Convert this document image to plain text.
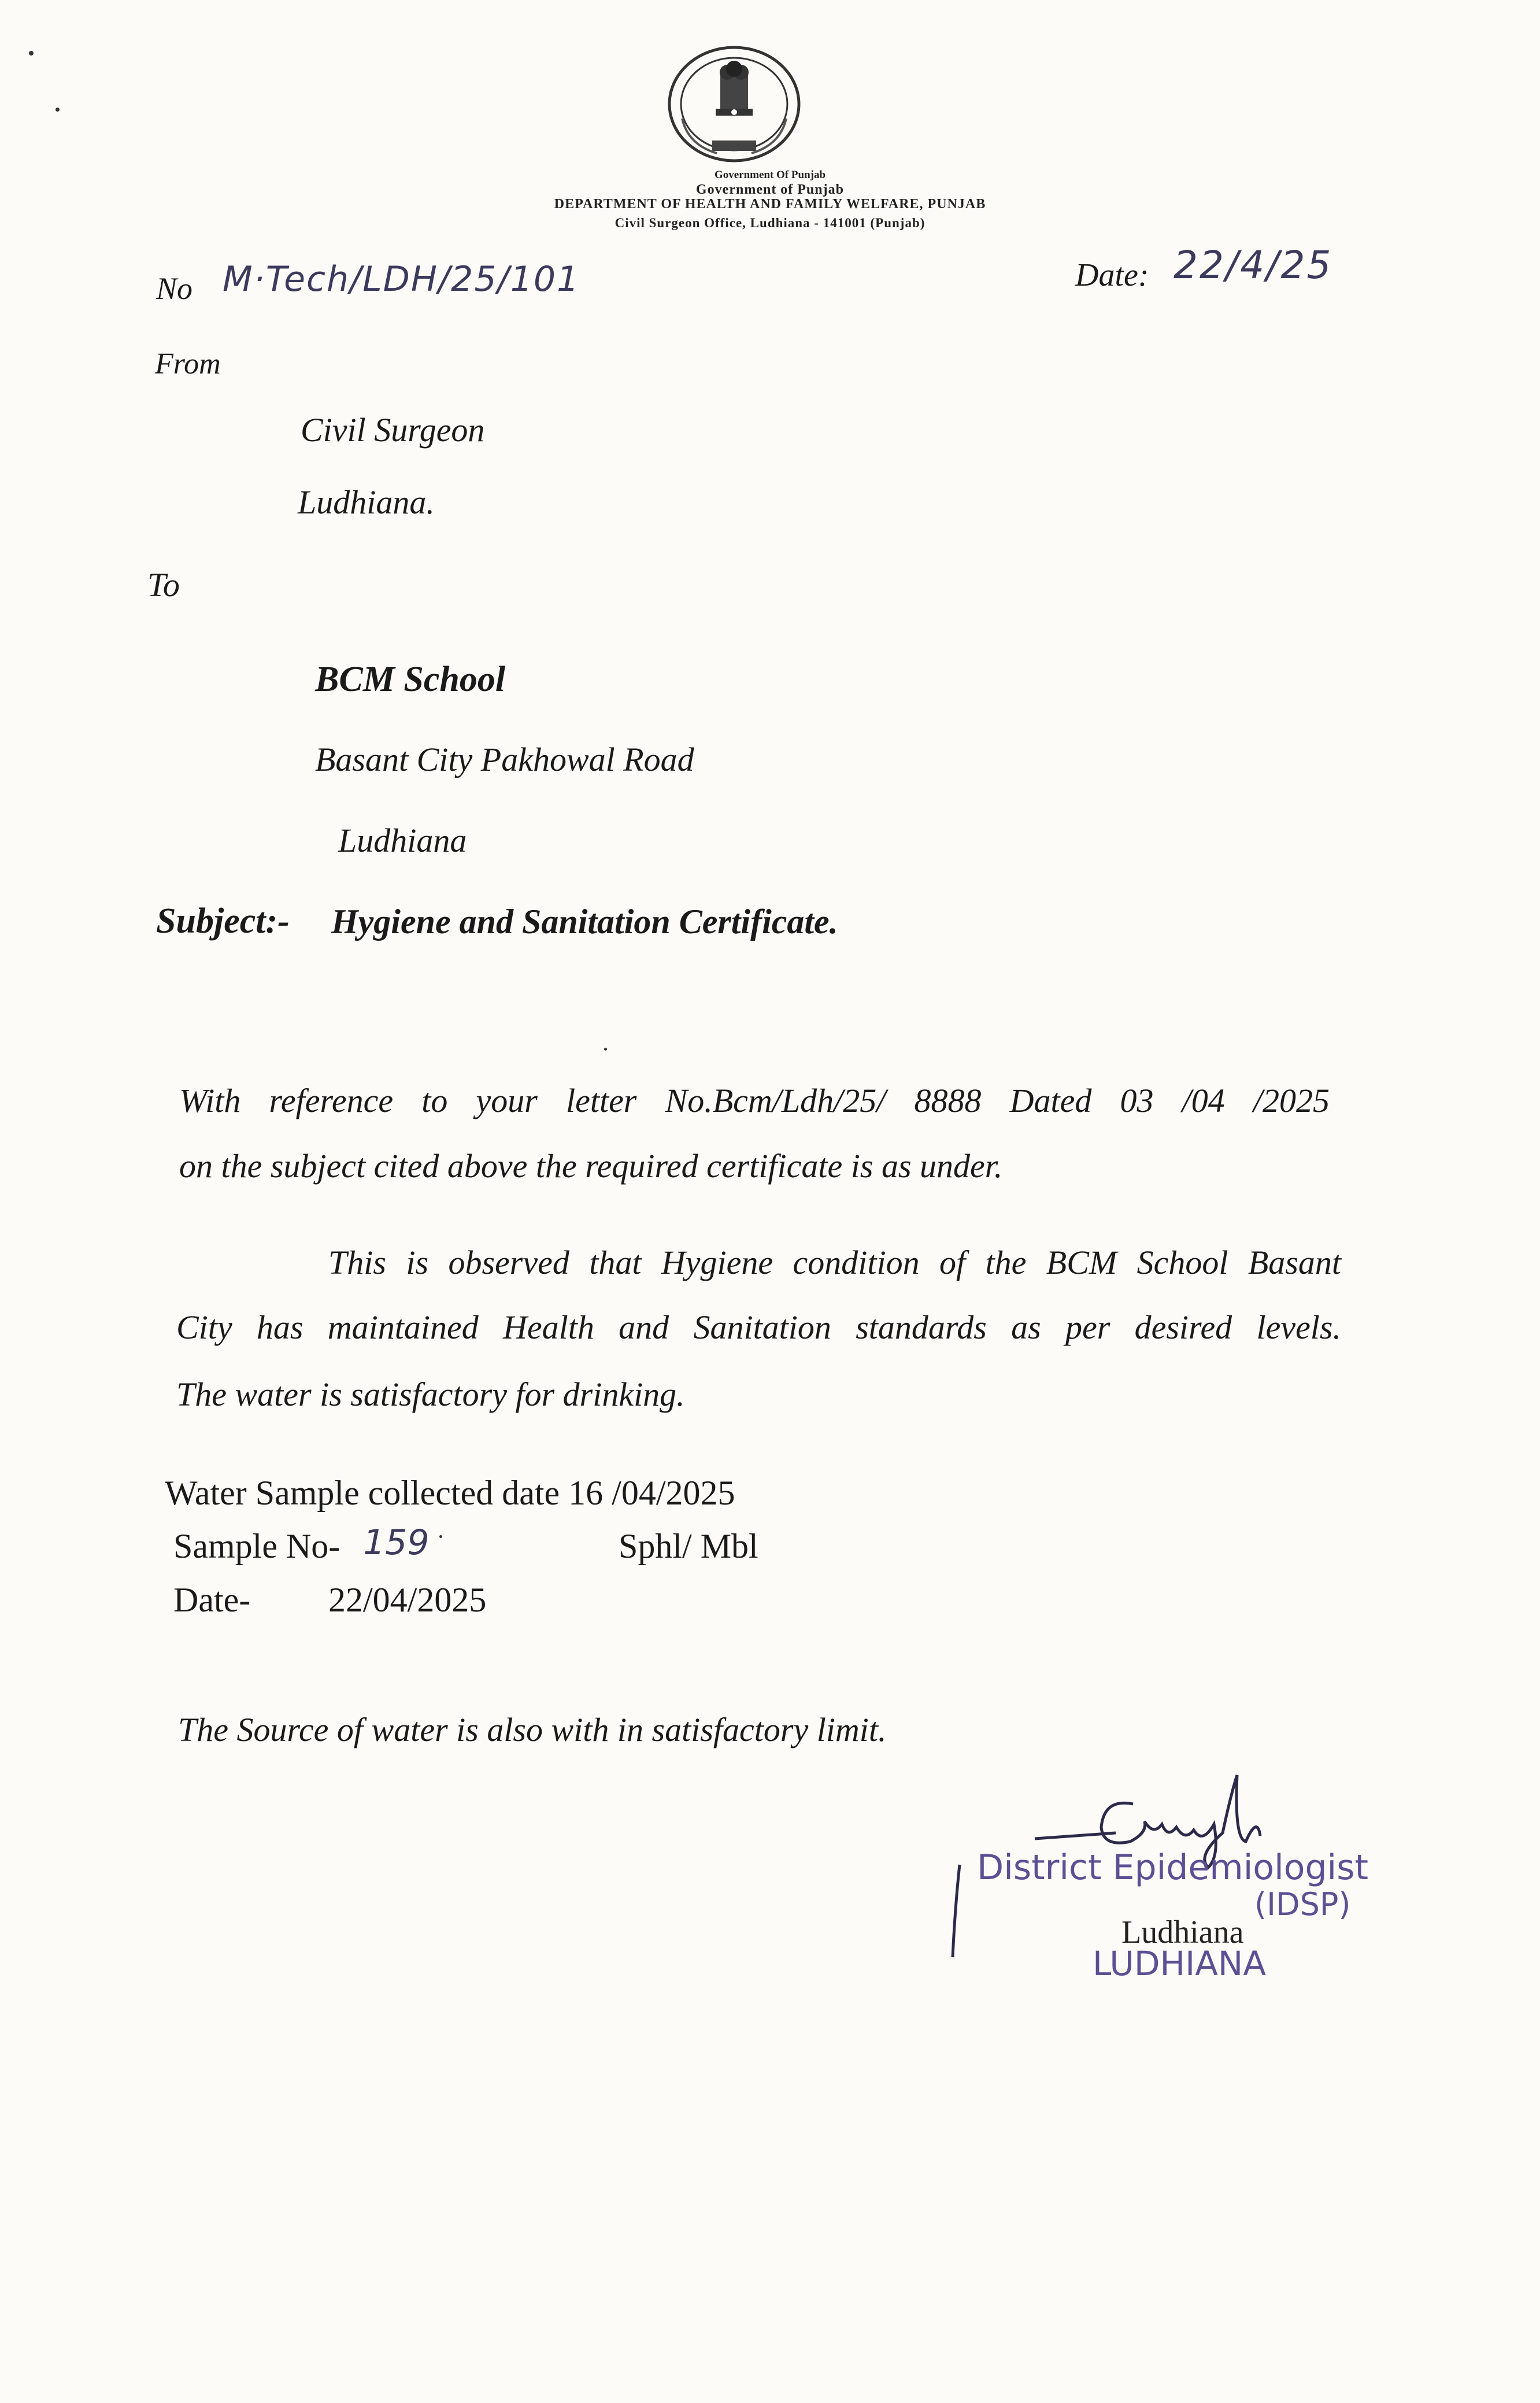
Government Of Punjab
Government of Punjab
DEPARTMENT OF HEALTH AND FAMILY WELFARE, PUNJAB
Civil Surgeon Office, Ludhiana - 141001 (Punjab)
No M·Tech/LDH/25/101	Date: 22/4/25
From
Civil Surgeon
Ludhiana.
To
BCM School
Basant City Pakhowal Road
Ludhiana
Subject:- Hygiene and Sanitation Certificate.
With reference to your letter No.Bcm/Ldh/25/ 8888 Dated 03 /04 /2025
on the subject cited above the required certificate is as under.
This is observed that Hygiene condition of the BCM School Basant
City has maintained Health and Sanitation standards as per desired levels.
The water is satisfactory for drinking.
Water Sample collected date 16 /04/2025
Sample No- 159	Sphl/ Mbl
Date- 22/04/2025
The Source of water is also with in satisfactory limit.
District Epidemiologist
(IDSP)
Ludhiana
LUDHIANA
